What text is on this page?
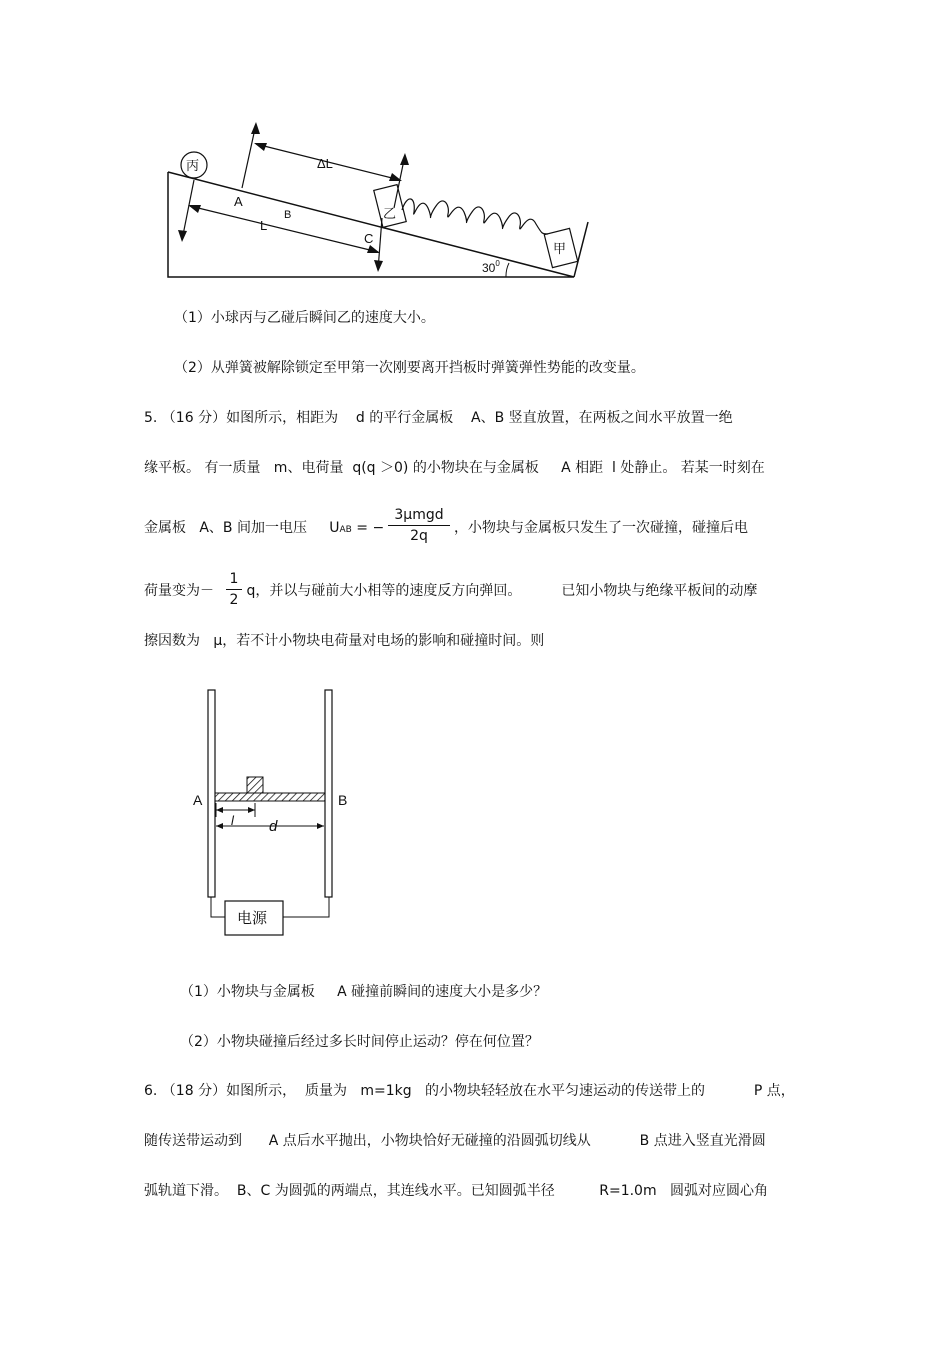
丙
乙
甲
ΔL
L
A
B
C
$30^0$
（1）小球丙与乙碰后瞬间乙的速度大小。
（2）从弹簧被解除锁定至甲第一次刚要离开挡板时弹簧弹性势能的改变量。
5. （16 分）如图所示，相距为    d 的平行金属板    A、B 竖直放置，在两板之间水平放置一绝
缘平板。 有一质量   m、电荷量  q(q ＞0) 的小物块在与金属板     A 相距  l 处静止。 若某一时刻在
金属板   A、B 间加一电压     UAB = −
3μmgd
2q	，小物块与金属板只发生了一次碰撞，碰撞后电
荷量变为－
1
2
q，并以与碰前大小相等的速度反方向弹回。         已知小物块与绝缘平板间的动摩
擦因数为   μ，若不计小物块电荷量对电场的影响和碰撞时间。则
A	B
l d
电源
（1）小物块与金属板     A 碰撞前瞬间的速度大小是多少？
（2）小物块碰撞后经过多长时间停止运动？停在何位置？
6. （18 分）如图所示，  质量为   m=1kg   的小物块轻轻放在水平匀速运动的传送带上的           P 点，
随传送带运动到      A 点后水平抛出，小物块恰好无碰撞的沿圆弧切线从           B 点进入竖直光滑圆
弧轨道下滑。  B、C 为圆弧的两端点，其连线水平。已知圆弧半径          R=1.0m   圆弧对应圆心角
